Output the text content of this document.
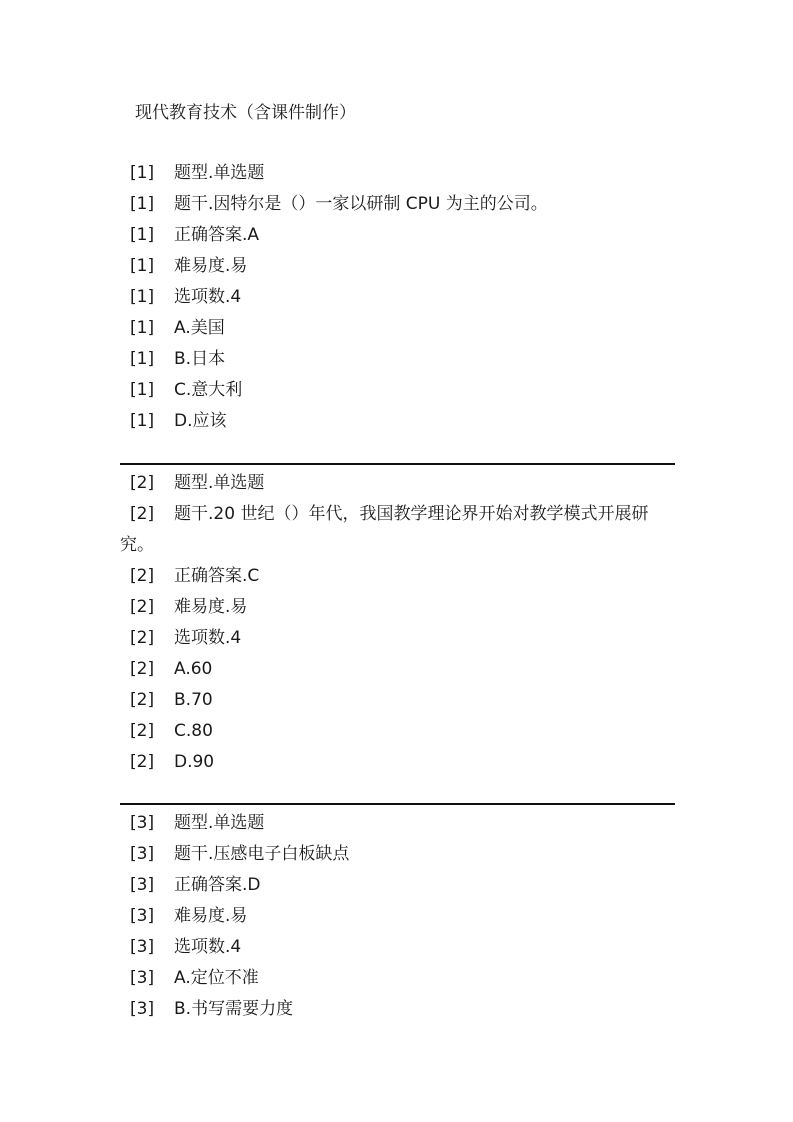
现代教育技术（含课件制作）
[1] 题型.单选题
[1] 题干.因特尔是（）一家以研制 CPU 为主的公司。
[1] 正确答案.A
[1] 难易度.易
[1] 选项数.4
[1] A.美国
[1] B.日本
[1] C.意大利
[1] D.应该
[2] 题型.单选题
[2] 题干.20 世纪（）年代，我国教学理论界开始对教学模式开展研
究。
[2] 正确答案.C
[2] 难易度.易
[2] 选项数.4
[2] A.60
[2] B.70
[2] C.80
[2] D.90
[3] 题型.单选题
[3] 题干.压感电子白板缺点
[3] 正确答案.D
[3] 难易度.易
[3] 选项数.4
[3] A.定位不准
[3] B.书写需要力度
